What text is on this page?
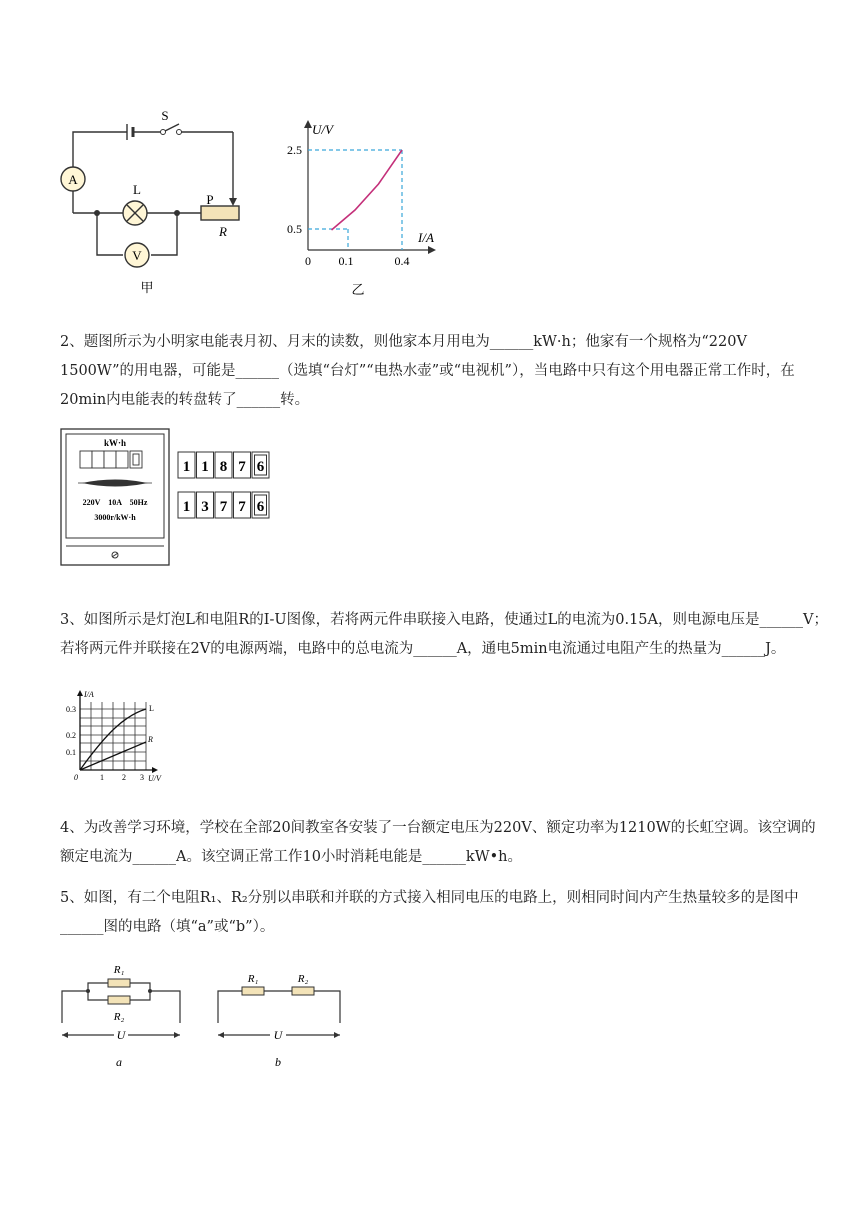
A
V
S
L
P
R
甲
U/V
I/A
2.5
0.5
0 0.1	0.4
乙
2、题图所示为小明家电能表月初、月末的读数，则他家本月用电为______kW·h；他家有一个规格为“220V　1500W”的用电器，可能是______（选填“台灯”“电热水壶”或“电视机”），当电路中只有这个用电器正常工作时，在20min内电能表的转盘转了______转。
kW·h
220V　10A　50Hz
3000r/kW·h
1 1 8 7 6
1 3 7 7 6
3、如图所示是灯泡L和电阻R的I-U图像，若将两元件串联接入电路，使通过L的电流为0.15A，则电源电压是______V；若将两元件并联接在2V的电源两端，电路中的总电流为______A，通电5min电流通过电阻产生的热量为______J。
I/A
U/V
0.3
0.2
0.1
0	1 2 3
L
R
4、为改善学习环境，学校在全部20间教室各安装了一台额定电压为220V、额定功率为1210W的长虹空调。该空调的额定电流为______A。该空调正常工作10小时消耗电能是______kW•h。
5、如图，有二个电阻R₁、R₂分别以串联和并联的方式接入相同电压的电路上，则相同时间内产生热量较多的是图中______图的电路（填“a”或“b”）。
R₁
R₂
U
a
R₁	R₂
U
b
